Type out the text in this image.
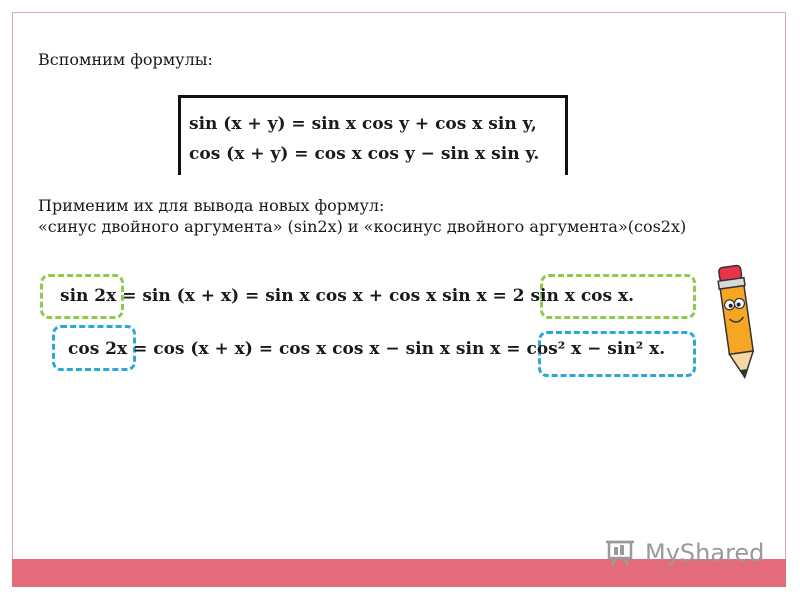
Вспомним формулы:
sin (x + y) = sin x cos y + cos x sin y,
cos (x + y) = cos x cos y − sin x sin y.
Применим их для вывода новых формул:
«синус двойного аргумента» (sin2x) и «косинус двойного аргумента»(cos2x)
sin 2x = sin (x + x) = sin x cos x + cos x sin x = 2 sin x cos x.
cos 2x = cos (x + x) = cos x cos x − sin x sin x = cos² x − sin² x.
MyShared
